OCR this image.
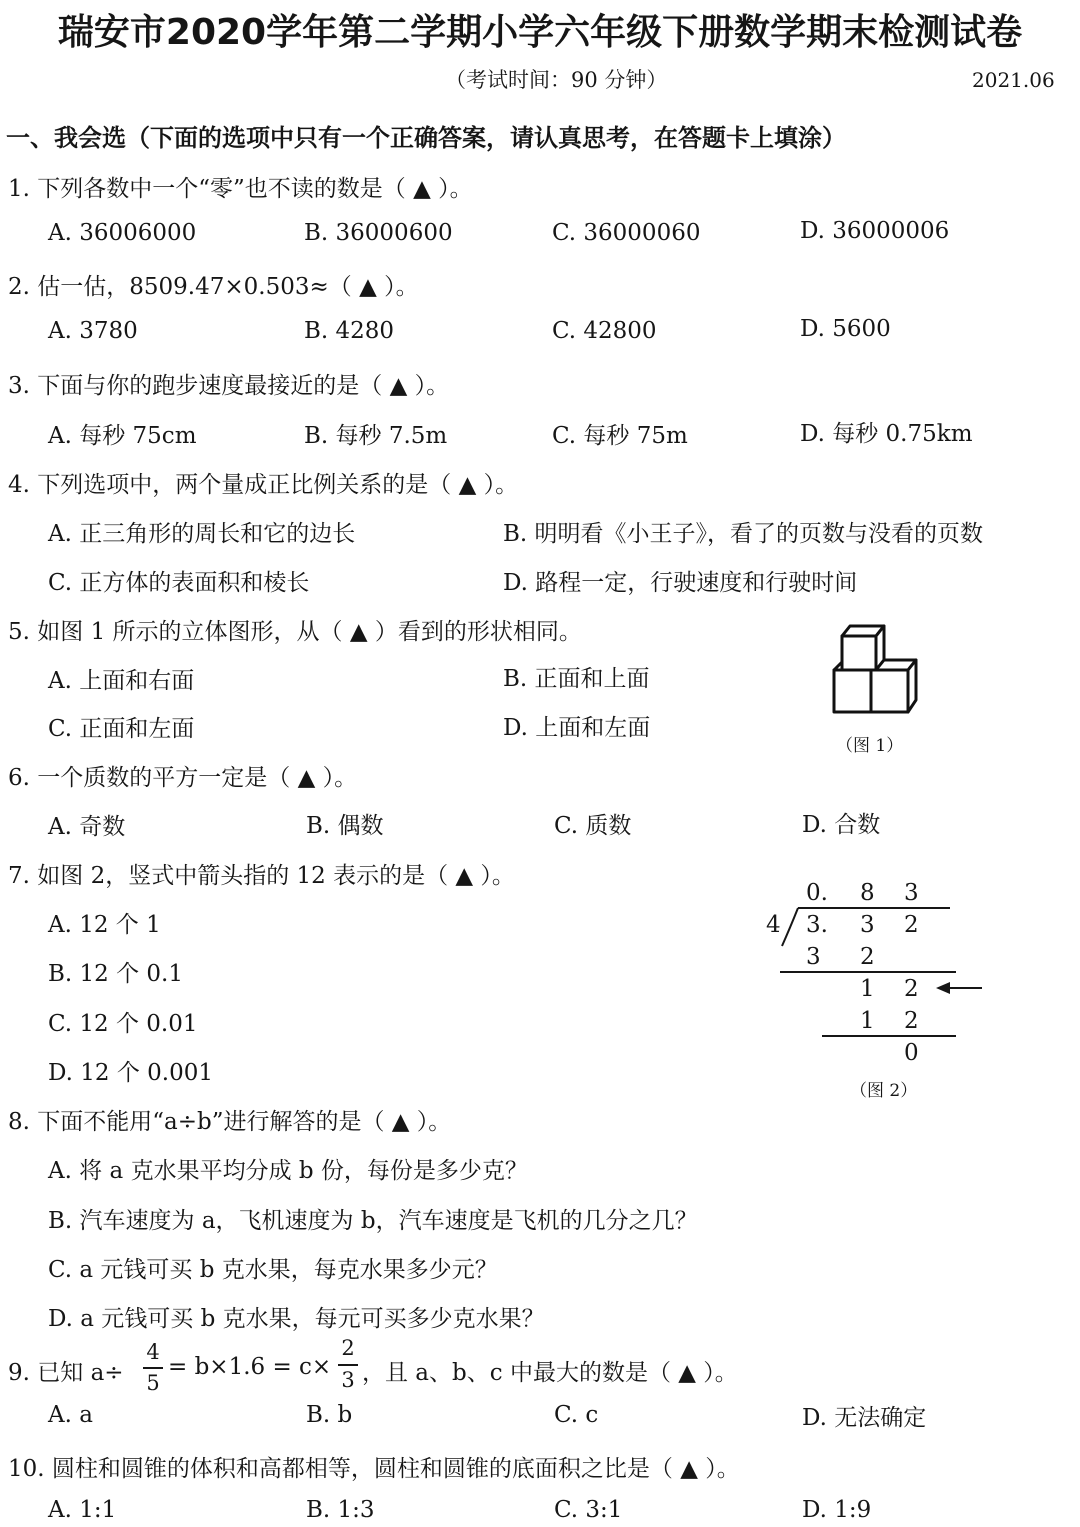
瑞安市2020学年第二学期小学六年级下册数学期末检测试卷
（考试时间：90 分钟）	2021.06
一、我会选（下面的选项中只有一个正确答案，请认真思考，在答题卡上填涂）
1. 下列各数中一个“零”也不读的数是（ ▲ ）。
A. 36006000	B. 36000600	C. 36000060	D. 36000006
2. 估一估，8509.47×0.503≈（ ▲ ）。
A. 3780	B. 4280	C. 42800	D. 5600
3. 下面与你的跑步速度最接近的是（ ▲ ）。
A. 每秒 75cm	B. 每秒 7.5m	C. 每秒 75m	D. 每秒 0.75km
4. 下列选项中，两个量成正比例关系的是（ ▲ ）。
A. 正三角形的周长和它的边长	B. 明明看《小王子》，看了的页数与没看的页数
C. 正方体的表面积和棱长	D. 路程一定，行驶速度和行驶时间
5. 如图 1 所示的立体图形，从（ ▲ ）看到的形状相同。
A. 上面和右面	B. 正面和上面
C. 正面和左面	D. 上面和左面
（图 1）
6. 一个质数的平方一定是（ ▲ ）。
A. 奇数	B. 偶数	C. 质数	D. 合数
7. 如图 2，竖式中箭头指的 12 表示的是（ ▲ ）。
A. 12 个 1
B. 12 个 0.1
C. 12 个 0.01
D. 12 个 0.001
0. 8 3
4 3. 3 2
3 2
1 2
1 2
0
（图 2）
8. 下面不能用“a÷b”进行解答的是（ ▲ ）。
A. 将 a 克水果平均分成 b 份，每份是多少克？
B. 汽车速度为 a，飞机速度为 b，汽车速度是飞机的几分之几？
C. a 元钱可买 b 克水果，每克水果多少元？
D. a 元钱可买 b 克水果，每元可买多少克水果？
9. 已知 a÷
4
5
= b×1.6 = c×
2
3 ，且 a、b、c 中最大的数是（ ▲ ）。
A. a	B. b	C. c	D. 无法确定
10. 圆柱和圆锥的体积和高都相等，圆柱和圆锥的底面积之比是（ ▲ ）。
A. 1:1	B. 1:3	C. 3:1	D. 1:9
